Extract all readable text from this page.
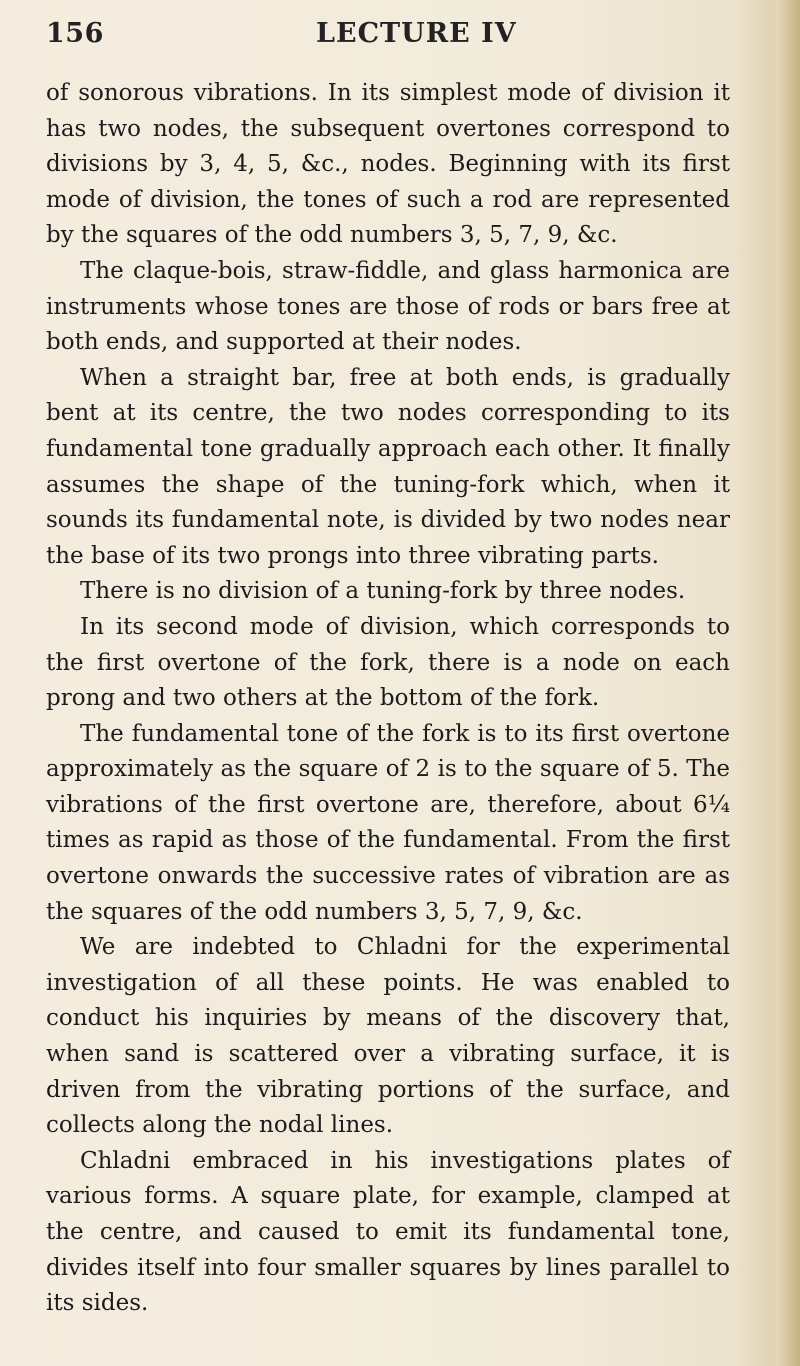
156	LECTURE IV

of sonorous vibrations. In its simplest mode of division it has two nodes, the subsequent overtones correspond to divisions by 3, 4, 5, &c., nodes. Beginning with its first mode of division, the tones of such a rod are represented by the squares of the odd numbers 3, 5, 7, 9, &c.

The claque-bois, straw-fiddle, and glass harmonica are instruments whose tones are those of rods or bars free at both ends, and supported at their nodes.

When a straight bar, free at both ends, is gradually bent at its centre, the two nodes corresponding to its fundamental tone gradually approach each other. It finally assumes the shape of the tuning-fork which, when it sounds its fundamental note, is divided by two nodes near the base of its two prongs into three vibrating parts.

There is no division of a tuning-fork by three nodes.

In its second mode of division, which corresponds to the first overtone of the fork, there is a node on each prong and two others at the bottom of the fork.

The fundamental tone of the fork is to its first overtone approximately as the square of 2 is to the square of 5. The vibrations of the first overtone are, therefore, about 6¼ times as rapid as those of the fundamental. From the first overtone onwards the successive rates of vibration are as the squares of the odd numbers 3, 5, 7, 9, &c.

We are indebted to Chladni for the experimental investigation of all these points. He was enabled to conduct his inquiries by means of the discovery that, when sand is scattered over a vibrating surface, it is driven from the vibrating portions of the surface, and collects along the nodal lines.

Chladni embraced in his investigations plates of various forms. A square plate, for example, clamped at the centre, and caused to emit its fundamental tone, divides itself into four smaller squares by lines parallel to its sides.
